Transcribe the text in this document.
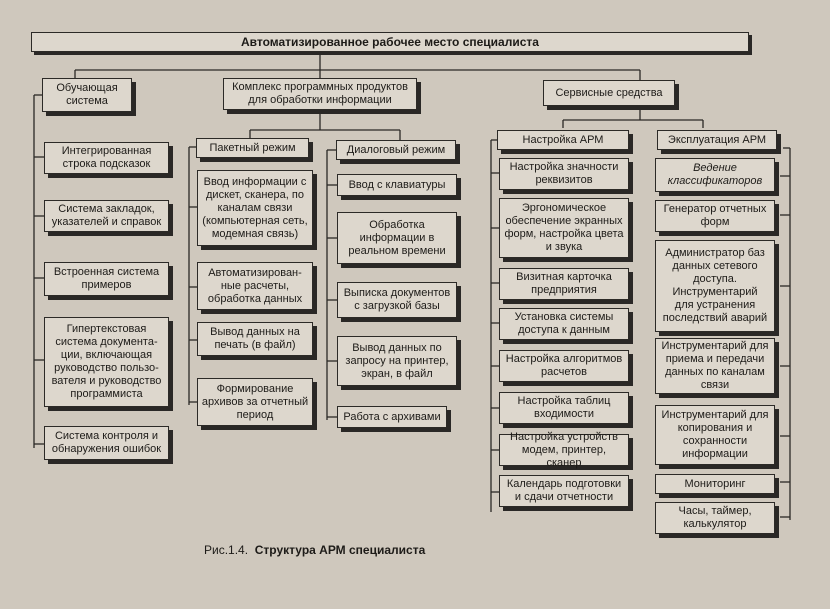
Автоматизированное рабочее место специалиста
Обучающая
система
Комплекс программных продуктов
для обработки информации
Сервисные средства
Интегрированная
строка подсказок
Система закладок,
указателей и справок
Встроенная система
примеров
Гипертекстовая
система документа-
ции, включающая
руководство пользо-
вателя и руководство
программиста
Система контроля и
обнаружения ошибок
Пакетный режим
Ввод информации с
дискет, сканера, по
каналам связи
(компьютерная сеть,
модемная связь)
Автоматизирован-
ные расчеты,
обработка данных
Вывод данных на
печать (в файл)
Формирование
архивов за отчетный
период
Диалоговый режим
Ввод с клавиатуры
Обработка
информации в
реальном времени
Выписка документов
с загрузкой базы
Вывод данных по
запросу на принтер,
экран, в файл
Работа с архивами
Настройка АРМ
Настройка значности
реквизитов
Эргономическое
обеспечение экранных
форм, настройка цвета
и звука
Визитная карточка
предприятия
Установка системы
доступа к данным
Настройка алгоритмов
расчетов
Настройка таблиц
входимости
Настройка устройств
модем, принтер, сканер
Календарь подготовки
и сдачи отчетности
Эксплуатация АРМ
Ведение
классификаторов
Генератор отчетных
форм
Администратор баз
данных сетевого
доступа.
Инструментарий
для устранения
последствий аварий
Инструментарий для
приема и передачи
данных по каналам
связи
Инструментарий для
копирования и
сохранности
информации
Мониторинг
Часы, таймер,
калькулятор
Рис.1.4. Структура АРМ специалиста
